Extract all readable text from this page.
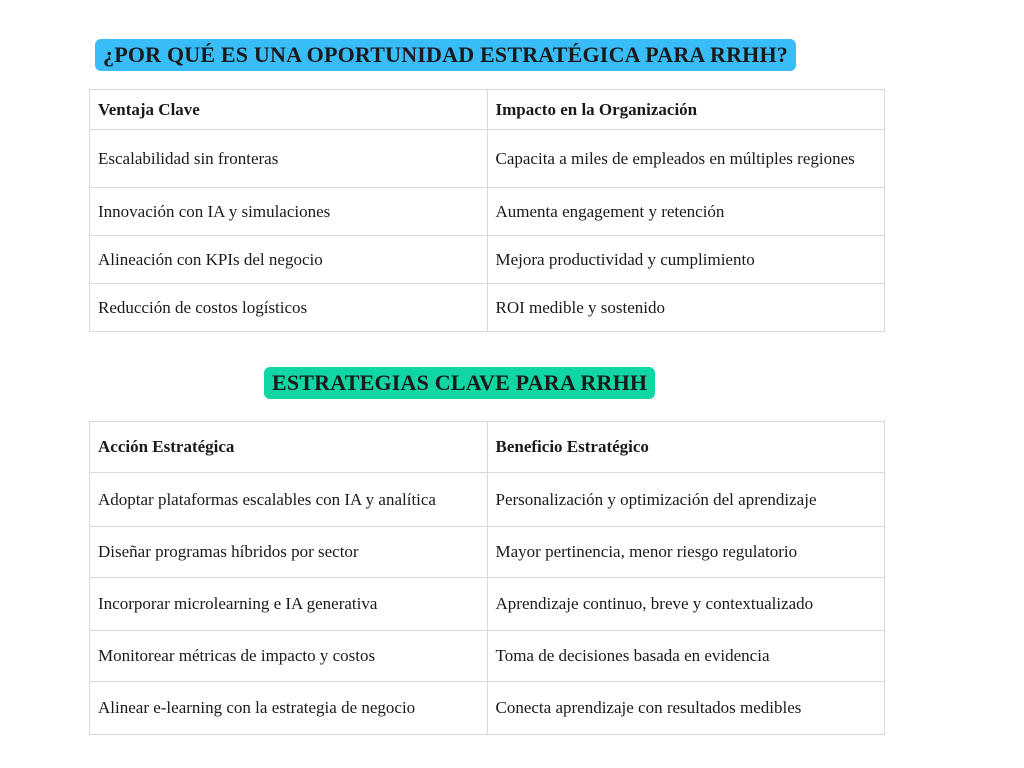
¿POR QUÉ ES UNA OPORTUNIDAD ESTRATÉGICA PARA RRHH?
Ventaja Clave	Impacto en la Organización
Escalabilidad sin fronteras	Capacita a miles de empleados en múltiples regiones
Innovación con IA y simulaciones	Aumenta engagement y retención
Alineación con KPIs del negocio	Mejora productividad y cumplimiento
Reducción de costos logísticos	ROI medible y sostenido
ESTRATEGIAS CLAVE PARA RRHH
Acción Estratégica	Beneficio Estratégico
Adoptar plataformas escalables con IA y analítica	Personalización y optimización del aprendizaje
Diseñar programas híbridos por sector	Mayor pertinencia, menor riesgo regulatorio
Incorporar microlearning e IA generativa	Aprendizaje continuo, breve y contextualizado
Monitorear métricas de impacto y costos	Toma de decisiones basada en evidencia
Alinear e-learning con la estrategia de negocio	Conecta aprendizaje con resultados medibles
